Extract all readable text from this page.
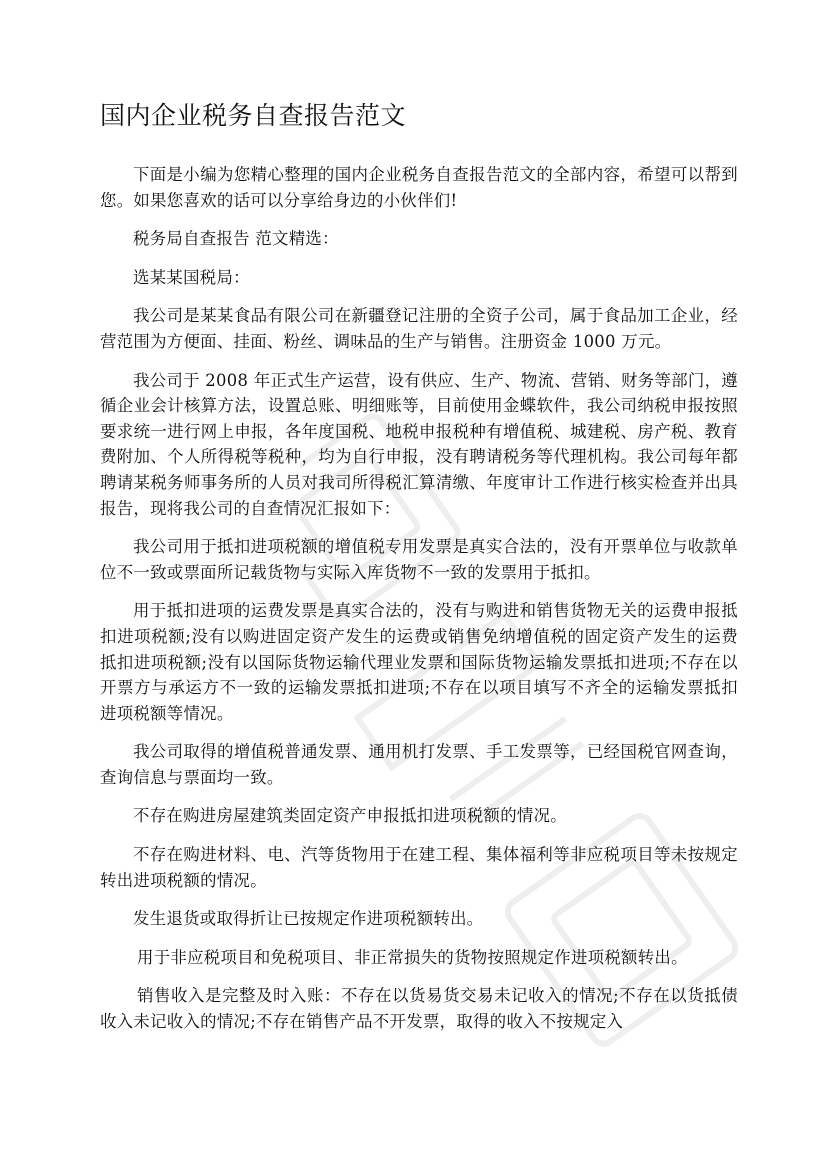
国内企业税务自查报告范文

下面是小编为您精心整理的国内企业税务自查报告范文的全部内容，希望可以帮到您。如果您喜欢的话可以分享给身边的小伙伴们!

税务局自查报告 范文精选：

选某某国税局：

我公司是某某食品有限公司在新疆登记注册的全资子公司，属于食品加工企业，经营范围为方便面、挂面、粉丝、调味品的生产与销售。注册资金 1000 万元。

我公司于 2008 年正式生产运营，设有供应、生产、物流、营销、财务等部门，遵循企业会计核算方法，设置总账、明细账等，目前使用金蝶软件，我公司纳税申报按照要求统一进行网上申报，各年度国税、地税申报税种有增值税、城建税、房产税、教育费附加、个人所得税等税种，均为自行申报，没有聘请税务等代理机构。我公司每年都聘请某税务师事务所的人员对我司所得税汇算清缴、年度审计工作进行核实检查并出具报告，现将我公司的自查情况汇报如下：

我公司用于抵扣进项税额的增值税专用发票是真实合法的，没有开票单位与收款单位不一致或票面所记载货物与实际入库货物不一致的发票用于抵扣。

用于抵扣进项的运费发票是真实合法的，没有与购进和销售货物无关的运费申报抵扣进项税额;没有以购进固定资产发生的运费或销售免纳增值税的固定资产发生的运费抵扣进项税额;没有以国际货物运输代理业发票和国际货物运输发票抵扣进项;不存在以开票方与承运方不一致的运输发票抵扣进项;不存在以项目填写不齐全的运输发票抵扣进项税额等情况。

我公司取得的增值税普通发票、通用机打发票、手工发票等，已经国税官网查询，查询信息与票面均一致。

不存在购进房屋建筑类固定资产申报抵扣进项税额的情况。

不存在购进材料、电、汽等货物用于在建工程、集体福利等非应税项目等未按规定转出进项税额的情况。

发生退货或取得折让已按规定作进项税额转出。

用于非应税项目和免税项目、非正常损失的货物按照规定作进项税额转出。

销售收入是完整及时入账：不存在以货易货交易未记收入的情况;不存在以货抵债收入未记收入的情况;不存在销售产品不开发票，取得的收入不按规定入
